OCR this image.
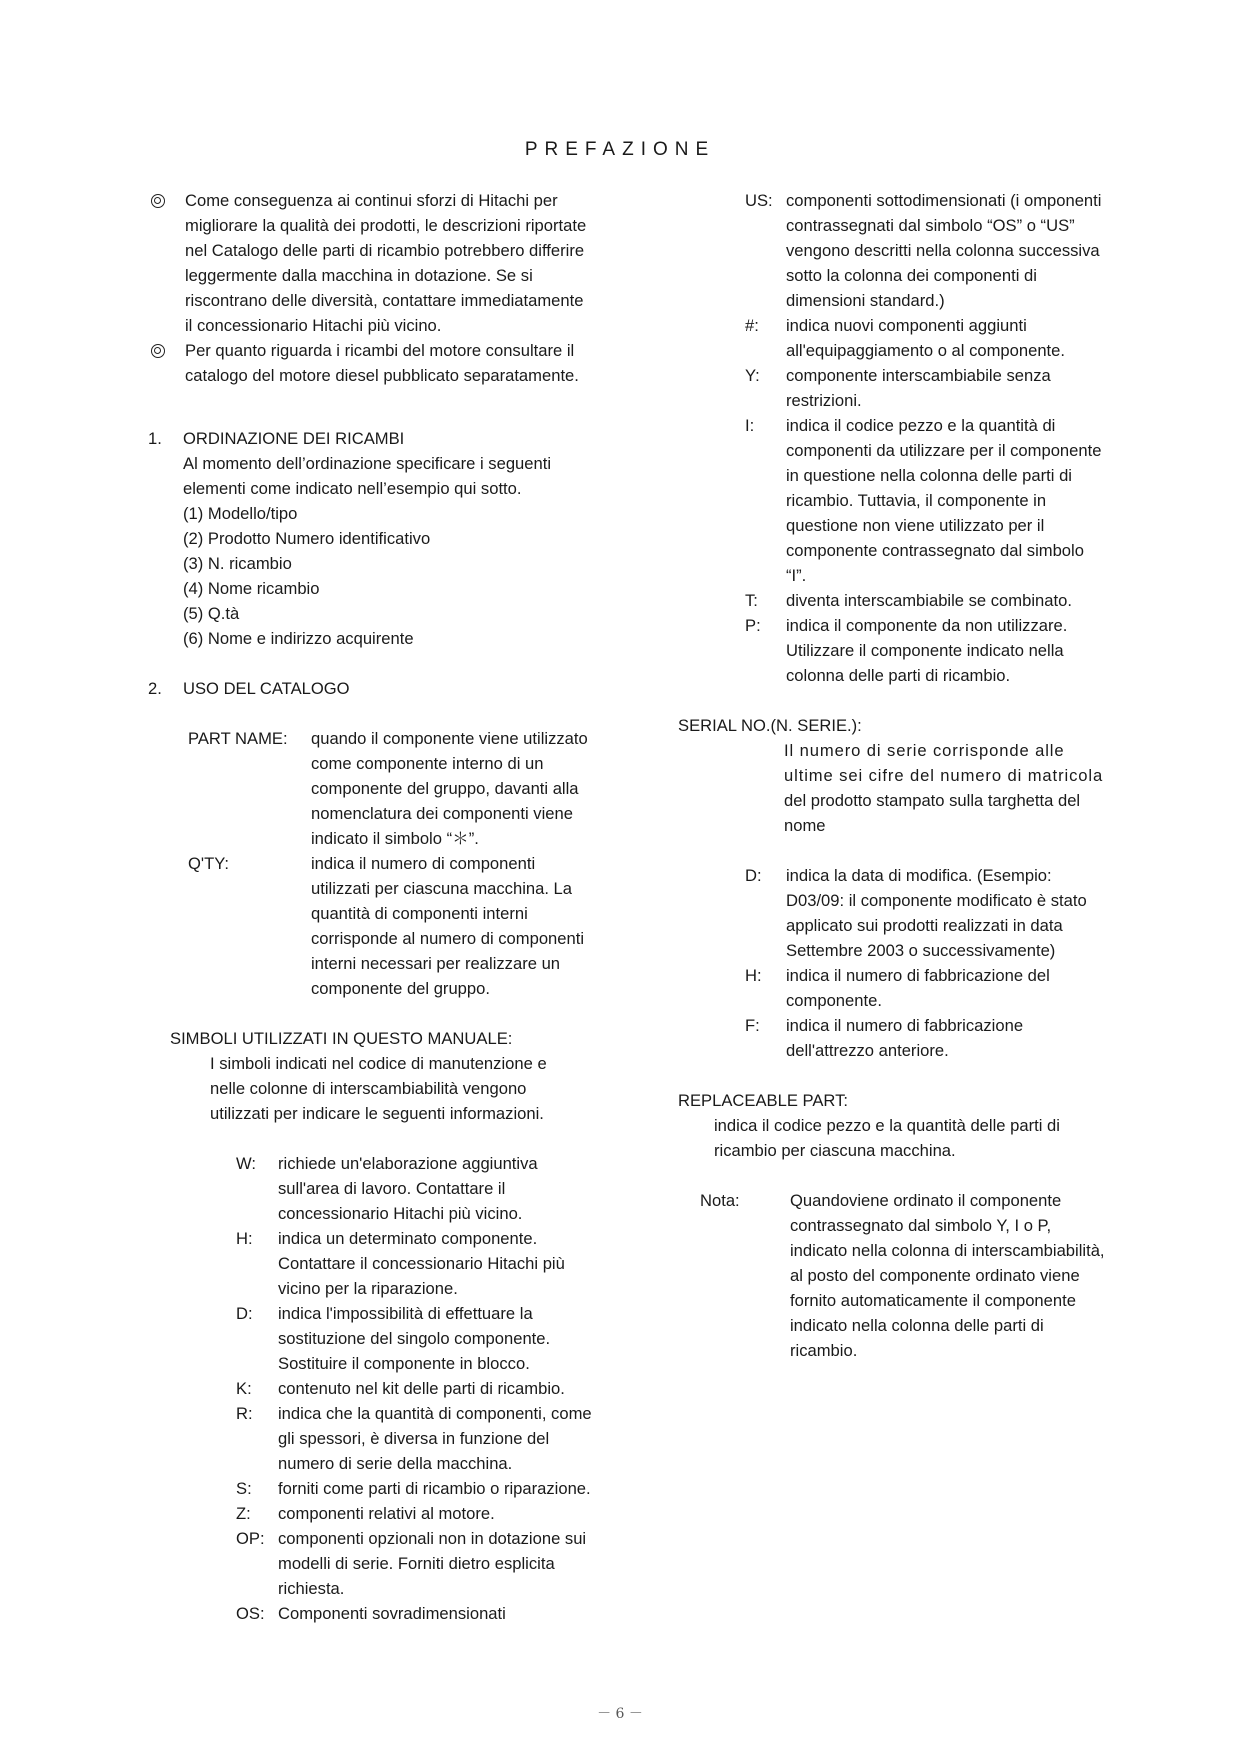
PREFAZIONE
Come conseguenza ai continui sforzi di Hitachi per
migliorare la qualità dei prodotti, le descrizioni riportate
nel Catalogo delle parti di ricambio potrebbero differire
leggermente dalla macchina in dotazione. Se si
riscontrano delle diversità, contattare immediatamente
il concessionario Hitachi più vicino.
Per quanto riguarda i ricambi del motore consultare il
catalogo del motore diesel pubblicato separatamente.
1. ORDINAZIONE DEI RICAMBI
Al momento dell’ordinazione specificare i seguenti
elementi come indicato nell’esempio qui sotto.
(1) Modello/tipo
(2) Prodotto Numero identificativo
(3) N. ricambio
(4) Nome ricambio
(5) Q.tà
(6) Nome e indirizzo acquirente
2. USO DEL CATALOGO
PART NAME: quando il componente viene utilizzato
come componente interno di un
componente del gruppo, davanti alla
nomenclatura dei componenti viene
indicato il simbolo “＊”.
Q'TY:	indica il numero di componenti
utilizzati per ciascuna macchina. La
quantità di componenti interni
corrisponde al numero di componenti
interni necessari per realizzare un
componente del gruppo.
SIMBOLI UTILIZZATI IN QUESTO MANUALE:
I simboli indicati nel codice di manutenzione e
nelle colonne di interscambiabilità vengono
utilizzati per indicare le seguenti informazioni.
W: richiede un'elaborazione aggiuntiva
sull'area di lavoro. Contattare il
concessionario Hitachi più vicino.
H: indica un determinato componente.
Contattare il concessionario Hitachi più
vicino per la riparazione.
D: indica l'impossibilità di effettuare la
sostituzione del singolo componente.
Sostituire il componente in blocco.
K: contenuto nel kit delle parti di ricambio.
R: indica che la quantità di componenti, come
gli spessori, è diversa in funzione del
numero di serie della macchina.
S: forniti come parti di ricambio o riparazione.
Z: componenti relativi al motore.
OP: componenti opzionali non in dotazione sui
modelli di serie. Forniti dietro esplicita
richiesta.
OS: Componenti sovradimensionati
US: componenti sottodimensionati (i omponenti
contrassegnati dal simbolo “OS” o “US”
vengono descritti nella colonna successiva
sotto la colonna dei componenti di
dimensioni standard.)
#: indica nuovi componenti aggiunti
all'equipaggiamento o al componente.
Y: componente interscambiabile senza
restrizioni.
I: indica il codice pezzo e la quantità di
componenti da utilizzare per il componente
in questione nella colonna delle parti di
ricambio. Tuttavia, il componente in
questione non viene utilizzato per il
componente contrassegnato dal simbolo
“I”.
T: diventa interscambiabile se combinato.
P: indica il componente da non utilizzare.
Utilizzare il componente indicato nella
colonna delle parti di ricambio.
SERIAL NO.(N. SERIE.):
Il numero di serie corrisponde alle
ultime sei cifre del numero di matricola
del prodotto stampato sulla targhetta del
nome
D: indica la data di modifica. (Esempio:
D03/09: il componente modificato è stato
applicato sui prodotti realizzati in data
Settembre 2003 o successivamente)
H: indica il numero di fabbricazione del
componente.
F: indica il numero di fabbricazione
dell'attrezzo anteriore.
REPLACEABLE PART:
indica il codice pezzo e la quantità delle parti di
ricambio per ciascuna macchina.
Nota:	Quandoviene ordinato il componente
contrassegnato dal simbolo Y, I o P,
indicato nella colonna di interscambiabilità,
al posto del componente ordinato viene
fornito automaticamente il componente
indicato nella colonna delle parti di
ricambio.
－ 6 －
